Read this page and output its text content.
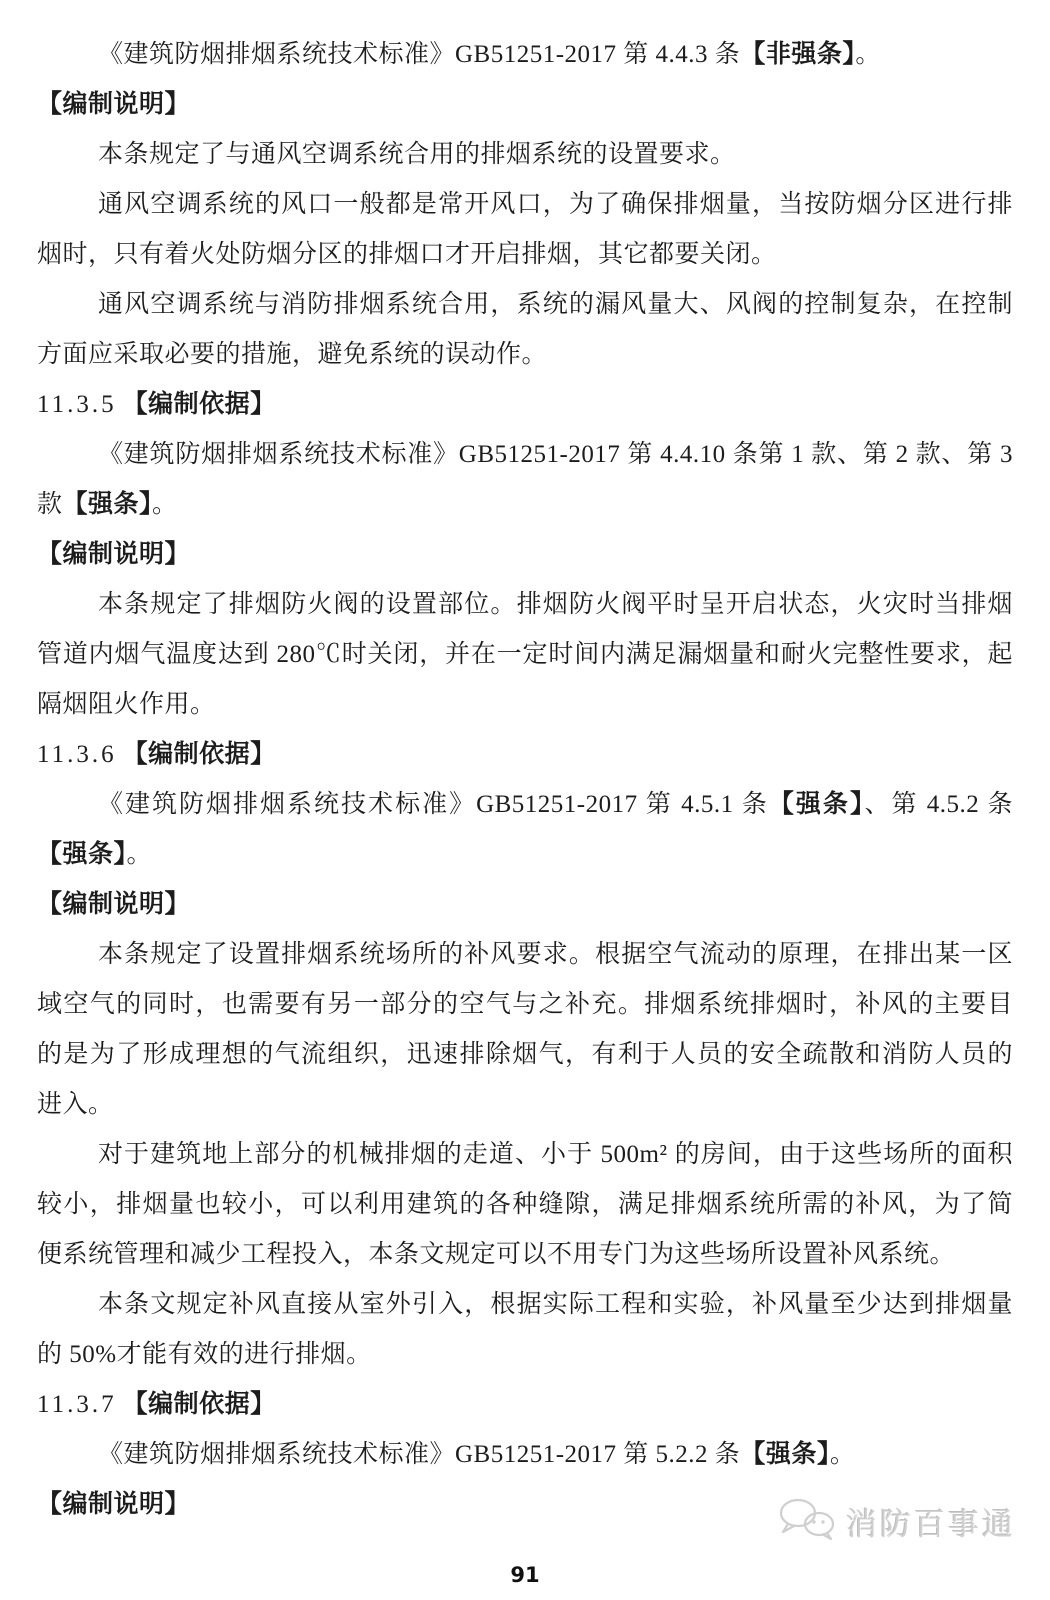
《建筑防烟排烟系统技术标准》GB51251-2017 第 4.4.3 条【非强条】。
【编制说明】
本条规定了与通风空调系统合用的排烟系统的设置要求。
通风空调系统的风口一般都是常开风口，为了确保排烟量，当按防烟分区进行排
烟时，只有着火处防烟分区的排烟口才开启排烟，其它都要关闭。
通风空调系统与消防排烟系统合用，系统的漏风量大、风阀的控制复杂，在控制
方面应采取必要的措施，避免系统的误动作。
11.3.5 【编制依据】
《建筑防烟排烟系统技术标准》GB51251-2017 第 4.4.10 条第 1 款、第 2 款、第 3
款【强条】。
【编制说明】
本条规定了排烟防火阀的设置部位。排烟防火阀平时呈开启状态，火灾时当排烟
管道内烟气温度达到 280℃时关闭，并在一定时间内满足漏烟量和耐火完整性要求，起
隔烟阻火作用。
11.3.6 【编制依据】
《建筑防烟排烟系统技术标准》GB51251-2017 第 4.5.1 条【强条】、第 4.5.2 条
【强条】。
【编制说明】
本条规定了设置排烟系统场所的补风要求。根据空气流动的原理，在排出某一区
域空气的同时，也需要有另一部分的空气与之补充。排烟系统排烟时，补风的主要目
的是为了形成理想的气流组织，迅速排除烟气，有利于人员的安全疏散和消防人员的
进入。
对于建筑地上部分的机械排烟的走道、小于 500m² 的房间，由于这些场所的面积
较小，排烟量也较小，可以利用建筑的各种缝隙，满足排烟系统所需的补风，为了简
便系统管理和减少工程投入，本条文规定可以不用专门为这些场所设置补风系统。
本条文规定补风直接从室外引入，根据实际工程和实验，补风量至少达到排烟量
的 50%才能有效的进行排烟。
11.3.7 【编制依据】
《建筑防烟排烟系统技术标准》GB51251-2017 第 5.2.2 条【强条】。
【编制说明】
消防百事通
91
